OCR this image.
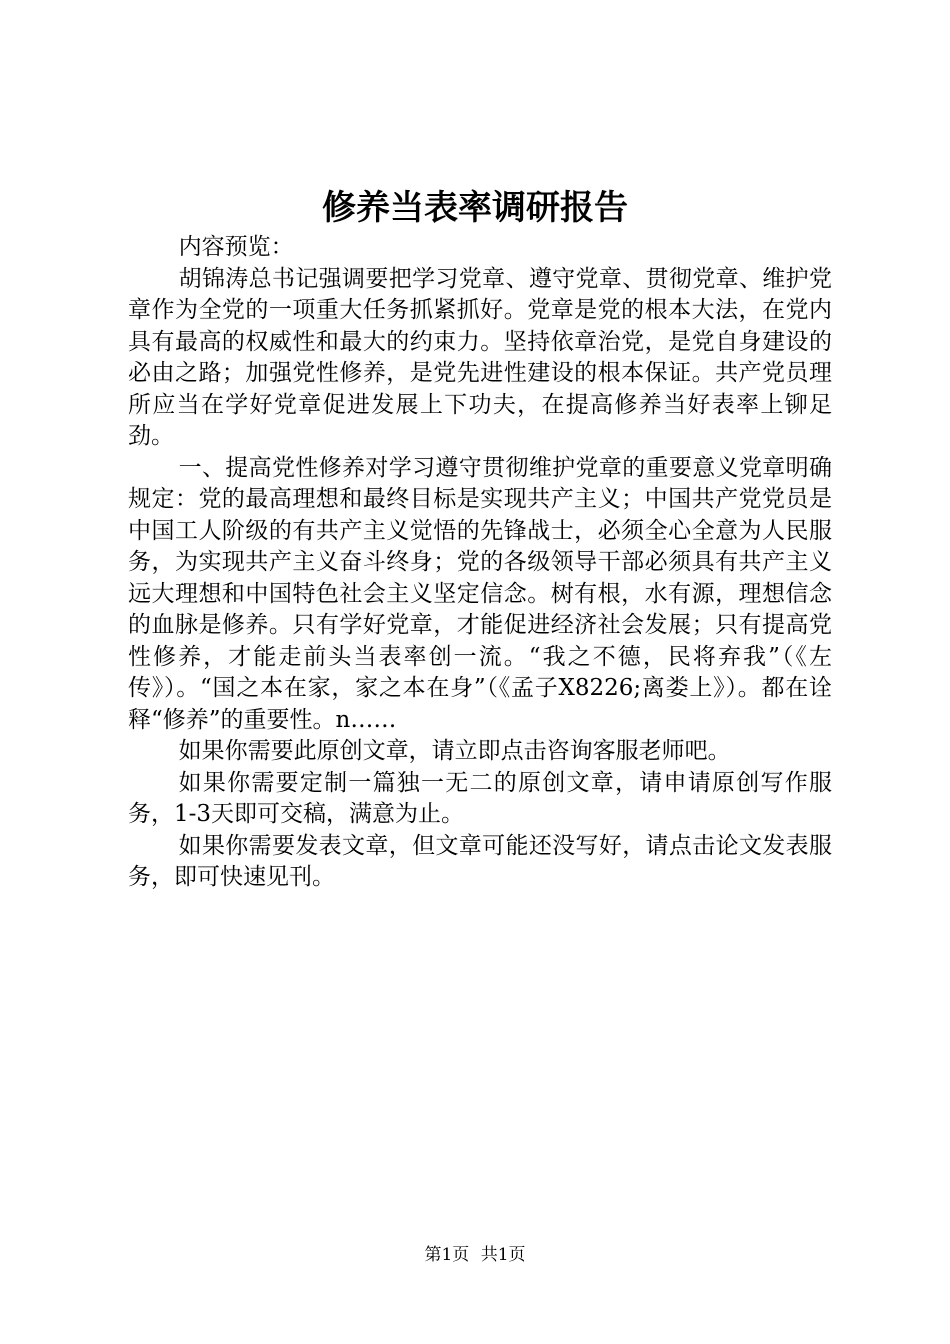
修养当表率调研报告

内容预览：

胡锦涛总书记强调要把学习党章、遵守党章、贯彻党章、维护党章作为全党的一项重大任务抓紧抓好。党章是党的根本大法，在党内具有最高的权威性和最大的约束力。坚持依章治党，是党自身建设的必由之路；加强党性修养，是党先进性建设的根本保证。共产党员理所应当在学好党章促进发展上下功夫，在提高修养当好表率上铆足劲。

一、提高党性修养对学习遵守贯彻维护党章的重要意义党章明确规定：党的最高理想和最终目标是实现共产主义；中国共产党党员是中国工人阶级的有共产主义觉悟的先锋战士，必须全心全意为人民服务，为实现共产主义奋斗终身；党的各级领导干部必须具有共产主义远大理想和中国特色社会主义坚定信念。树有根，水有源，理想信念的血脉是修养。只有学好党章，才能促进经济社会发展；只有提高党性修养，才能走前头当表率创一流。“我之不德，民将弃我”（《左传》）。“国之本在家，家之本在身”（《孟子X8226;离娄上》）。都在诠释“修养”的重要性。n……

如果你需要此原创文章，请立即点击咨询客服老师吧。

如果你需要定制一篇独一无二的原创文章，请申请原创写作服务，1-3天即可交稿，满意为止。

如果你需要发表文章，但文章可能还没写好，请点击论文发表服务，即可快速见刊。

第1页 共1页
